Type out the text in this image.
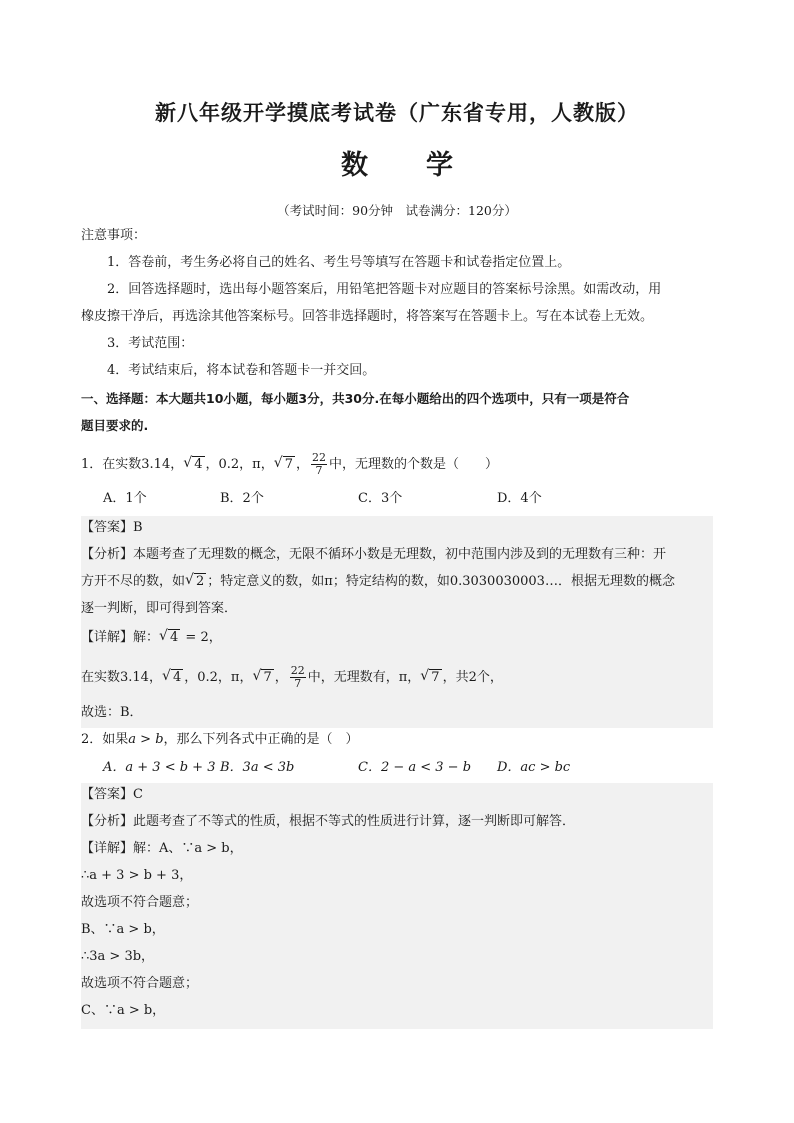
新八年级开学摸底考试卷（广东省专用，人教版）
数学
（考试时间：90分钟　试卷满分：120分）
注意事项：
1．答卷前，考生务必将自己的姓名、考生号等填写在答题卡和试卷指定位置上。
2．回答选择题时，选出每小题答案后，用铅笔把答题卡对应题目的答案标号涂黑。如需改动，用
橡皮擦干净后，再选涂其他答案标号。回答非选择题时，将答案写在答题卡上。写在本试卷上无效。
3．考试范围：
4．考试结束后，将本试卷和答题卡一并交回。
一、选择题：本大题共10小题，每小题3分，共30分.在每小题给出的四个选项中，只有一项是符合
题目要求的.
1．在实数3.14， √ 4 ，0.2，π， √ 7 ， $\frac{22}{7}$ 中，无理数的个数是（　　）
A．1个	B．2个	C．3个	D．4个
【答案】B
【分析】本题考查了无理数的概念，无限不循环小数是无理数，初中范围内涉及到的无理数有三种：开
方开不尽的数，如 √ 2 ；特定意义的数，如π；特定结构的数，如0.3030030003…．根据无理数的概念
逐一判断，即可得到答案．
【详解】解： √ 4 = 2，
在实数3.14， √ 4 ，0.2，π， √ 7 ， $\frac{22}{7}$ 中，无理数有，π， √ 7 ，共2个，
故选：B．
2．如果a > b，那么下列各式中正确的是（　）
A．a + 3 < b + 3 B．3a < 3b	C．2 − a < 3 − b D．ac > bc
【答案】C
【分析】此题考查了不等式的性质，根据不等式的性质进行计算，逐一判断即可解答．
【详解】解：A、∵a > b，
∴a + 3 > b + 3，
故选项不符合题意；
B、∵a > b，
∴3a > 3b，
故选项不符合题意；
C、∵a > b，
